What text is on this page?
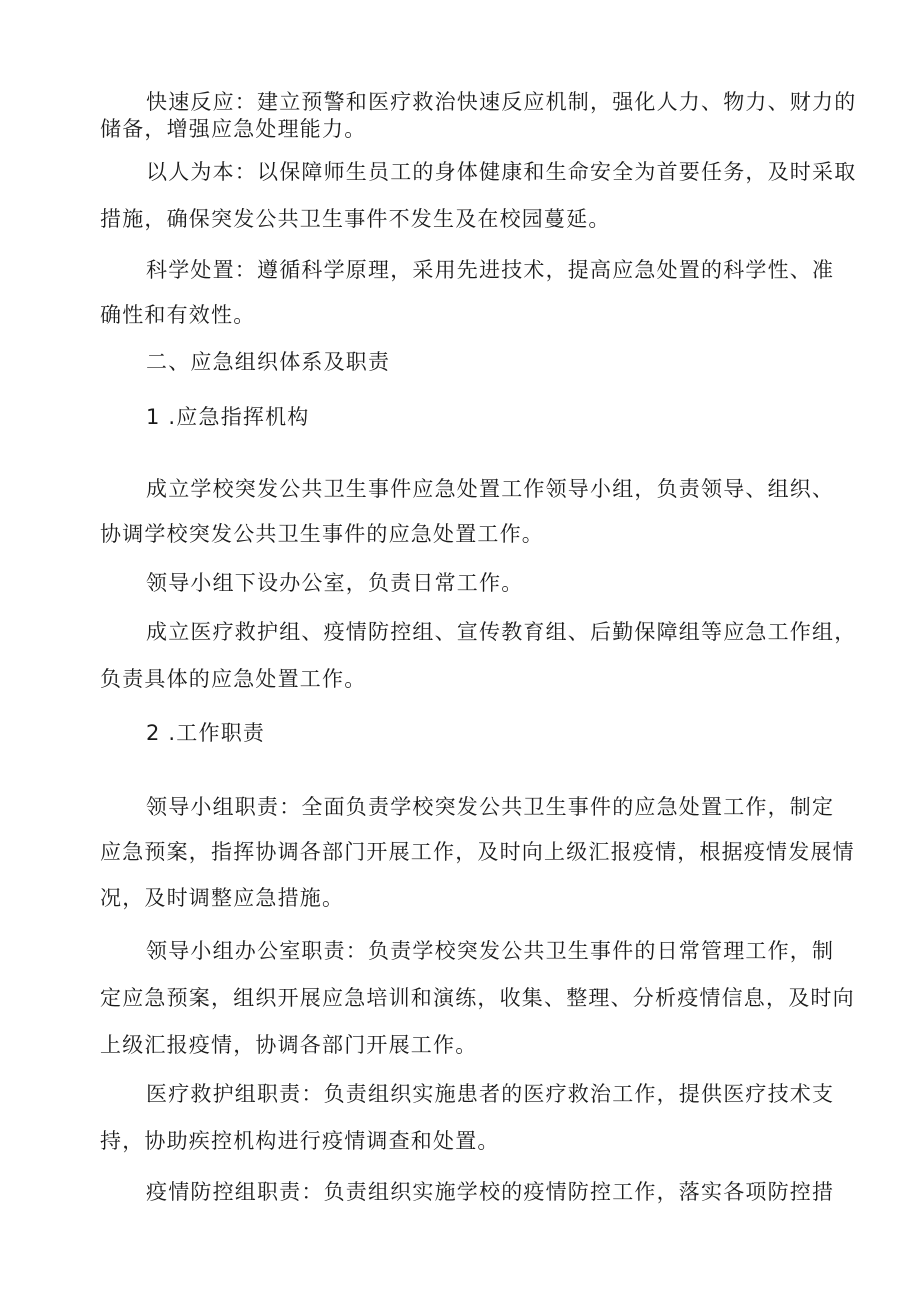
快速反应：建立预警和医疗救治快速反应机制，强化人力、物力、财力的
储备，增强应急处理能力。
以人为本：以保障师生员工的身体健康和生命安全为首要任务，及时采取
措施，确保突发公共卫生事件不发生及在校园蔓延。
科学处置：遵循科学原理，采用先进技术，提高应急处置的科学性、准
确性和有效性。
二、应急组织体系及职责
1 .应急指挥机构
成立学校突发公共卫生事件应急处置工作领导小组，负责领导、组织、
协调学校突发公共卫生事件的应急处置工作。
领导小组下设办公室，负责日常工作。
成立医疗救护组、疫情防控组、宣传教育组、后勤保障组等应急工作组，
负责具体的应急处置工作。
2 .工作职责
领导小组职责：全面负责学校突发公共卫生事件的应急处置工作，制定
应急预案，指挥协调各部门开展工作，及时向上级汇报疫情，根据疫情发展情
况，及时调整应急措施。
领导小组办公室职责：负责学校突发公共卫生事件的日常管理工作，制
定应急预案，组织开展应急培训和演练，收集、整理、分析疫情信息，及时向
上级汇报疫情，协调各部门开展工作。
医疗救护组职责：负责组织实施患者的医疗救治工作，提供医疗技术支
持，协助疾控机构进行疫情调查和处置。
疫情防控组职责：负责组织实施学校的疫情防控工作，落实各项防控措
